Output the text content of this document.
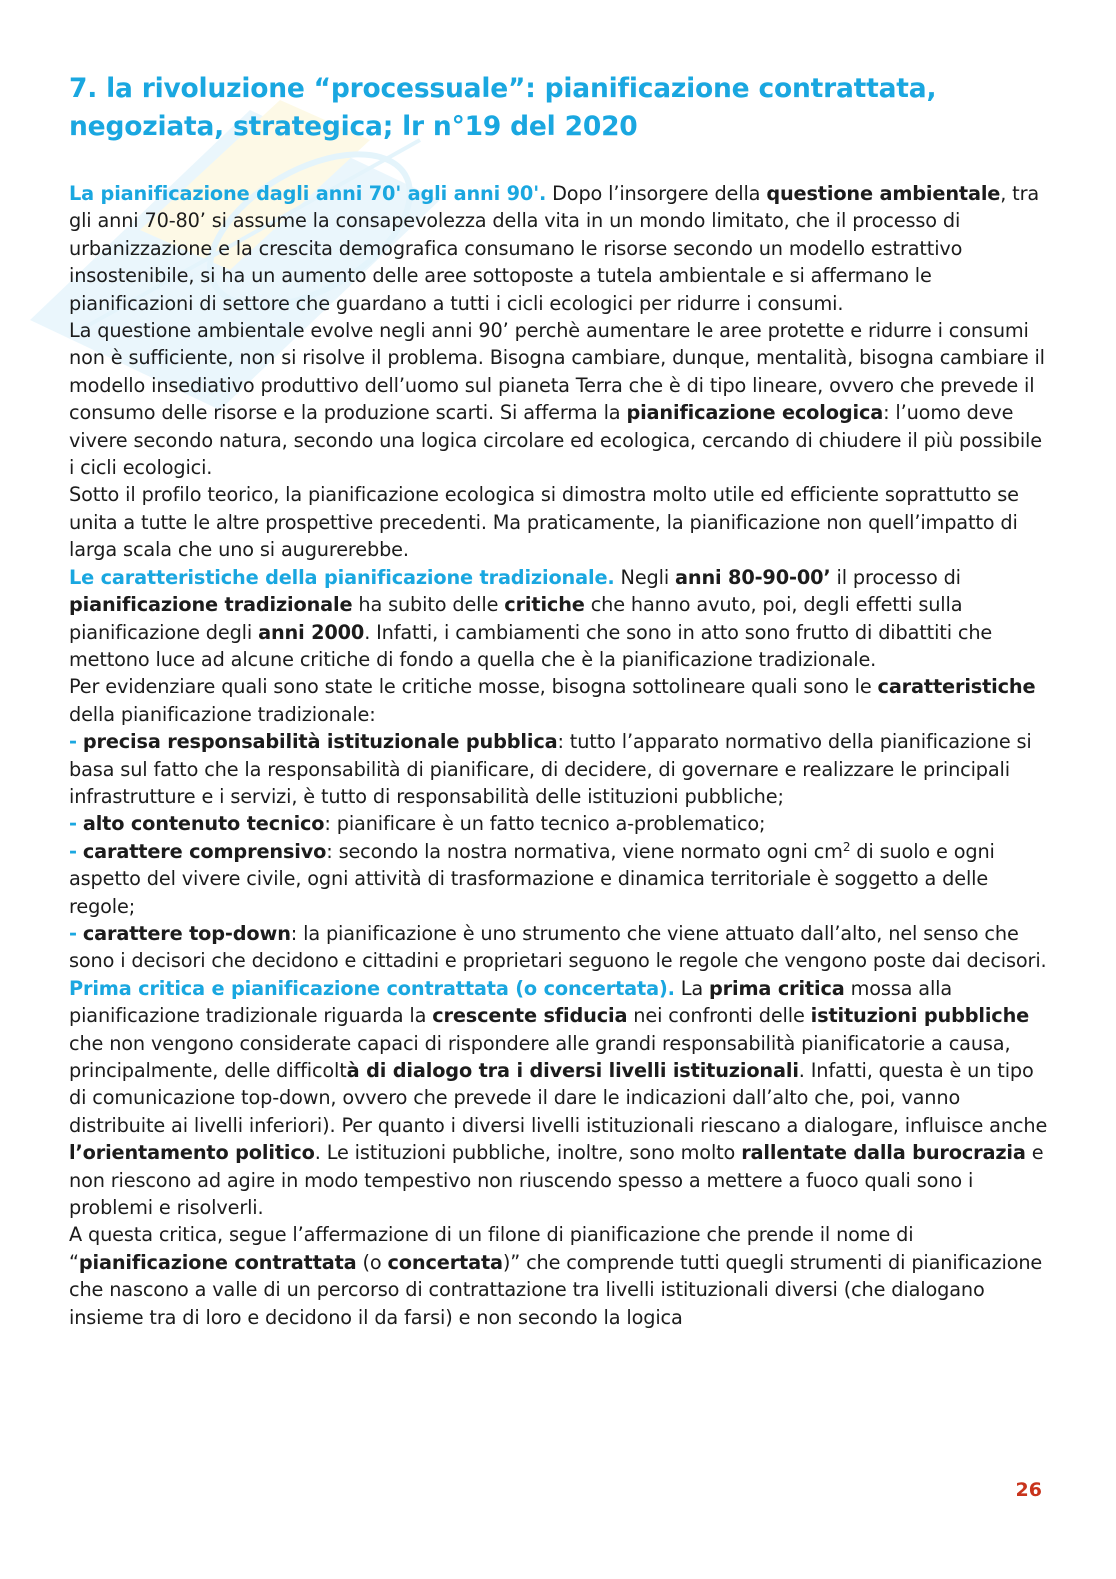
7. la rivoluzione “processuale”: pianificazione contrattata, negoziata, strategica; lr n°19 del 2020

La pianificazione dagli anni 70' agli anni 90'. Dopo l’insorgere della questione ambientale, tra gli anni 70-80’ si assume la consapevolezza della vita in un mondo limitato, che il processo di urbanizzazione e la crescita demografica consumano le risorse secondo un modello estrattivo insostenibile, si ha un aumento delle aree sottoposte a tutela ambientale e si affermano le pianificazioni di settore che guardano a tutti i cicli ecologici per ridurre i consumi.

La questione ambientale evolve negli anni 90’ perchè aumentare le aree protette e ridurre i consumi non è sufficiente, non si risolve il problema. Bisogna cambiare, dunque, mentalità, bisogna cambiare il modello insediativo produttivo dell’uomo sul pianeta Terra che è di tipo lineare, ovvero che prevede il consumo delle risorse e la produzione scarti. Si afferma la pianificazione ecologica: l’uomo deve vivere secondo natura, secondo una logica circolare ed ecologica, cercando di chiudere il più possibile i cicli ecologici.

Sotto il profilo teorico, la pianificazione ecologica si dimostra molto utile ed efficiente soprattutto se unita a tutte le altre prospettive precedenti. Ma praticamente, la pianificazione non quell’impatto di larga scala che uno si augurerebbe.

Le caratteristiche della pianificazione tradizionale. Negli anni 80-90-00’ il processo di pianificazione tradizionale ha subito delle critiche che hanno avuto, poi, degli effetti sulla pianificazione degli anni 2000. Infatti, i cambiamenti che sono in atto sono frutto di dibattiti che mettono luce ad alcune critiche di fondo a quella che è la pianificazione tradizionale.

Per evidenziare quali sono state le critiche mosse, bisogna sottolineare quali sono le caratteristiche della pianificazione tradizionale:

- precisa responsabilità istituzionale pubblica: tutto l’apparato normativo della pianificazione si basa sul fatto che la responsabilità di pianificare, di decidere, di governare e realizzare le principali infrastrutture e i servizi, è tutto di responsabilità delle istituzioni pubbliche;

- alto contenuto tecnico: pianificare è un fatto tecnico a-problematico;

- carattere comprensivo: secondo la nostra normativa, viene normato ogni $cm^2$ di suolo e ogni aspetto del vivere civile, ogni attività di trasformazione e dinamica territoriale è soggetto a delle regole;

- carattere top-down: la pianificazione è uno strumento che viene attuato dall’alto, nel senso che sono i decisori che decidono e cittadini e proprietari seguono le regole che vengono poste dai decisori.

Prima critica e pianificazione contrattata (o concertata). La prima critica mossa alla pianificazione tradizionale riguarda la crescente sfiducia nei confronti delle istituzioni pubbliche che non vengono considerate capaci di rispondere alle grandi responsabilità pianificatorie a causa, principalmente, delle difficoltà di dialogo tra i diversi livelli istituzionali. Infatti, questa è un tipo di comunicazione top-down, ovvero che prevede il dare le indicazioni dall’alto che, poi, vanno distribuite ai livelli inferiori). Per quanto i diversi livelli istituzionali riescano a dialogare, influisce anche l’orientamento politico. Le istituzioni pubbliche, inoltre, sono molto rallentate dalla burocrazia e non riescono ad agire in modo tempestivo non riuscendo spesso a mettere a fuoco quali sono i problemi e risolverli.

A questa critica, segue l’affermazione di un filone di pianificazione che prende il nome di “pianificazione contrattata (o concertata)” che comprende tutti quegli strumenti di pianificazione che nascono a valle di un percorso di contrattazione tra livelli istituzionali diversi (che dialogano insieme tra di loro e decidono il da farsi) e non secondo la logica

26
